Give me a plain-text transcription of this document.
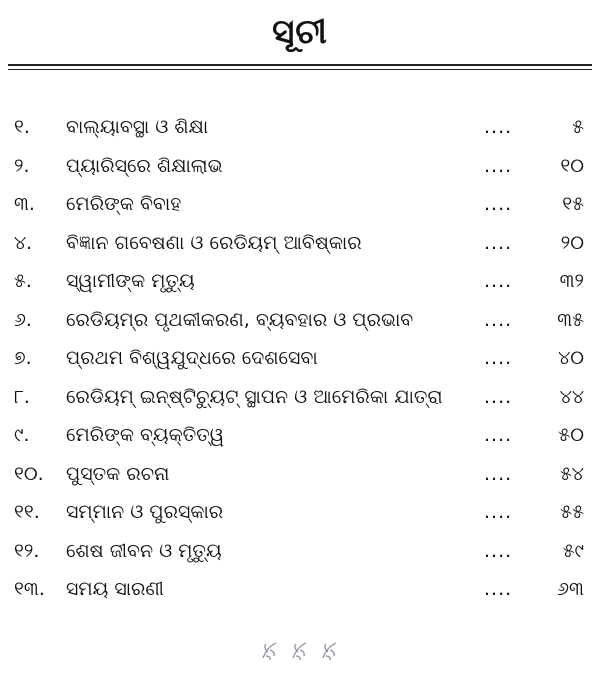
ସୂଚୀ
୧.	ବାଲ୍ୟାବସ୍ଥା ଓ ଶିକ୍ଷା	....	୫
୨.	ପ୍ୟାରିସ୍‌ରେ ଶିକ୍ଷାଲାଭ	....	୧୦
୩.	ମେରିଙ୍କ ବିବାହ	....	୧୫
୪.	ବିଜ୍ଞାନ ଗବେଷଣା ଓ ରେଡିୟମ୍‌ ଆବିଷ୍କାର	....	୨୦
୫.	ସ୍ୱାମୀଙ୍କ ମୃତ୍ୟୁ	....	୩୨
୬.	ରେଡିୟମ୍‌ର ପୃଥକୀକରଣ, ବ୍ୟବହାର ଓ ପ୍ରଭାବ	....	୩୫
୭.	ପ୍ରଥମ ବିଶ୍ୱଯୁଦ୍ଧରେ ଦେଶସେବା	....	୪୦
୮.	ରେଡିୟମ୍‌ ଇନ୍‌ଷ୍ଟିଚ୍ୟୁଟ୍‌ ସ୍ଥାପନ ଓ ଆମେରିକା ଯାତ୍ରା	....	୪୪
୯.	ମେରିଙ୍କ ବ୍ୟକ୍ତିତ୍ୱ	....	୫୦
୧୦.	ପୁସ୍ତକ ରଚନା	....	୫୪
୧୧.	ସମ୍ମାନ ଓ ପୁରସ୍କାର	....	୫୫
୧୨.	ଶେଷ ଜୀବନ ଓ ମୃତ୍ୟୁ	....	୫୯
୧୩.	ସମୟ ସାରଣୀ	....	୬୩
